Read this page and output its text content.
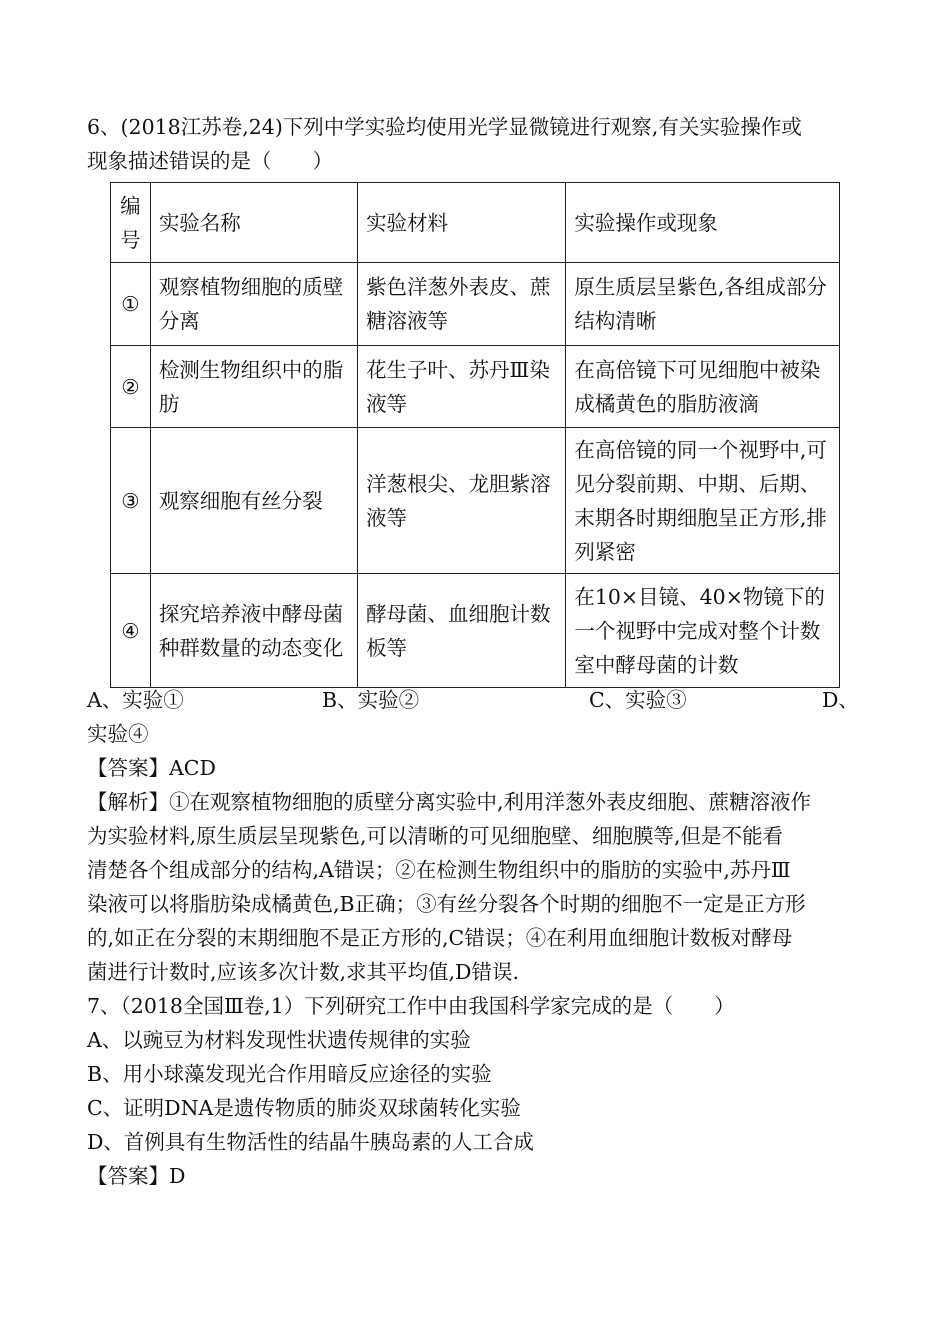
6、(2018江苏卷,24)下列中学实验均使用光学显微镜进行观察,有关实验操作或
现象描述错误的是（　　）
编号	实验名称	实验材料	实验操作或现象
①	观察植物细胞的质壁分离	紫色洋葱外表皮、蔗糖溶液等	原生质层呈紫色,各组成部分结构清晰
②	检测生物组织中的脂肪	花生子叶、苏丹Ⅲ染液等	在高倍镜下可见细胞中被染成橘黄色的脂肪液滴
③	观察细胞有丝分裂	洋葱根尖、龙胆紫溶液等	在高倍镜的同一个视野中,可见分裂前期、中期、后期、末期各时期细胞呈正方形,排列紧密
④	探究培养液中酵母菌种群数量的动态变化	酵母菌、血细胞计数板等	在10×目镜、40×物镜下的一个视野中完成对整个计数室中酵母菌的计数
A、实验①	B、实验②	C、实验③	D、
实验④
【答案】ACD
【解析】①在观察植物细胞的质壁分离实验中,利用洋葱外表皮细胞、蔗糖溶液作
为实验材料,原生质层呈现紫色,可以清晰的可见细胞壁、细胞膜等,但是不能看
清楚各个组成部分的结构,A错误；②在检测生物组织中的脂肪的实验中,苏丹Ⅲ
染液可以将脂肪染成橘黄色,B正确；③有丝分裂各个时期的细胞不一定是正方形
的,如正在分裂的末期细胞不是正方形的,C错误；④在利用血细胞计数板对酵母
菌进行计数时,应该多次计数,求其平均值,D错误.
7、（2018全国Ⅲ卷,1）下列研究工作中由我国科学家完成的是（　　）
A、以豌豆为材料发现性状遗传规律的实验
B、用小球藻发现光合作用暗反应途径的实验
C、证明DNA是遗传物质的肺炎双球菌转化实验
D、首例具有生物活性的结晶牛胰岛素的人工合成
【答案】D
